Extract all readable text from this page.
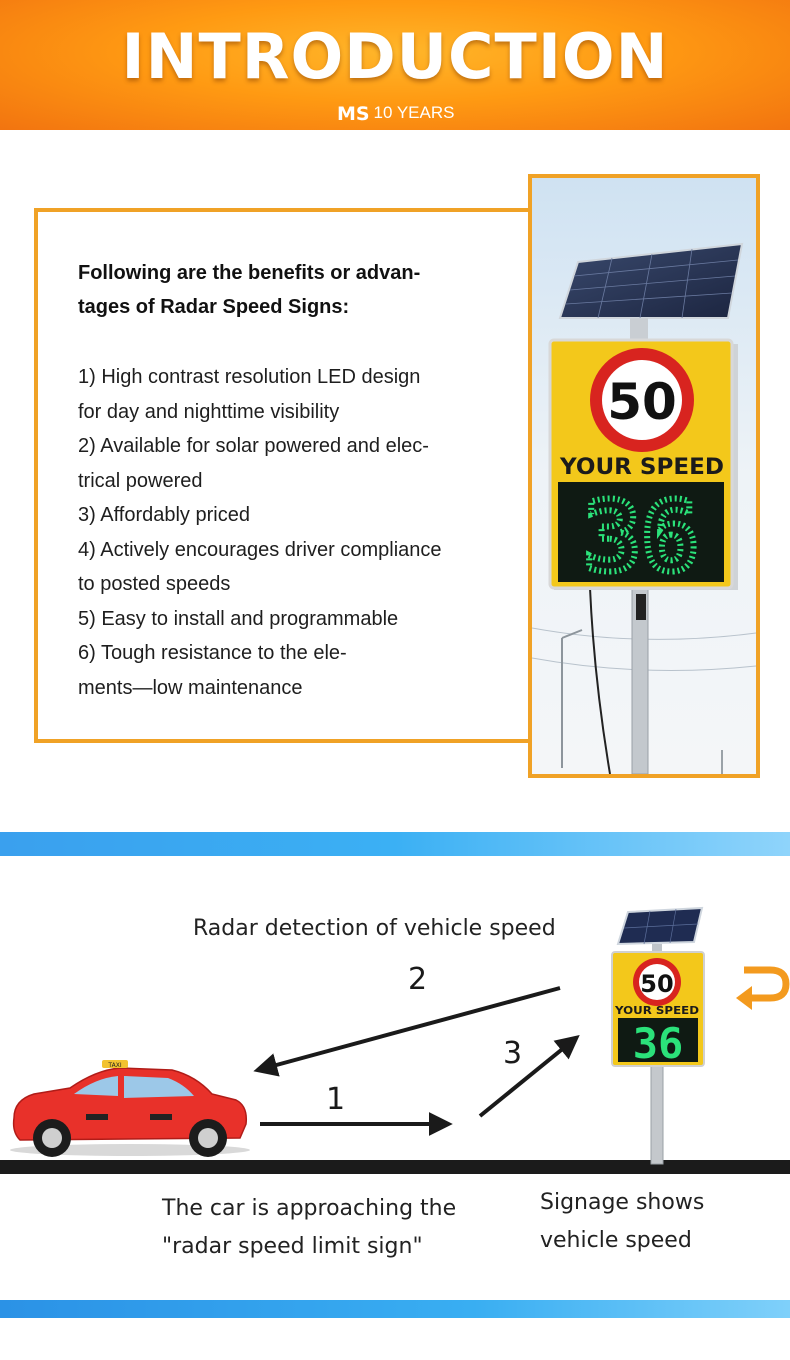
INTRODUCTION
MS 10 YEARS
Following are the benefits or advan-
tages of Radar Speed Signs:
1) High contrast resolution LED design
for day and nighttime visibility
2) Available for solar powered and elec-
trical powered
3) Affordably priced
4) Actively encourages driver compliance
to posted speeds
5) Easy to install and programmable
6) Tough resistance to the ele-
ments—low maintenance
50
YOUR SPEED
36
TAXI
50
YOUR SPEED
36
Radar detection of vehicle speed
2
3
1
The car is approaching the
"radar speed limit sign"
Signage shows
vehicle speed
